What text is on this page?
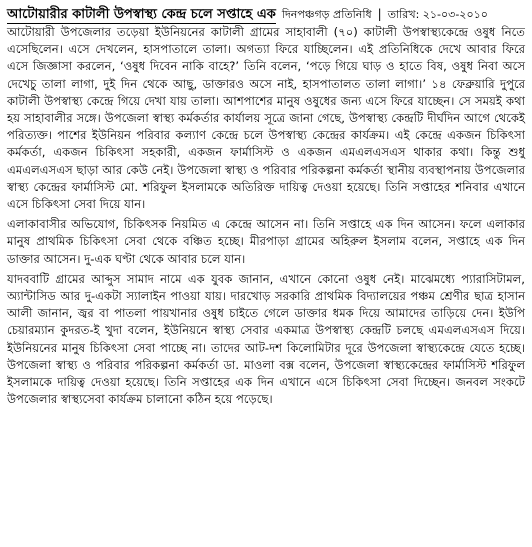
আটোয়ারীর কাটালী উপস্বাস্থ্য কেন্দ্র চলে সপ্তাহে এক দিনপঞ্চগড় প্রতিনিধি | তারিখ: ২১-০৩-২০১০

আটোয়ারী উপজেলার তড়েয়া ইউনিয়নের কাটালী গ্রামের সাহাবালী (৭০) কাটালী উপস্বাস্থ্যকেন্দ্রে ওষুধ নিতে এসেছিলেন। এসে দেখলেন, হাসপাতালে তালা। অগত্যা ফিরে যাচ্ছিলেন। এই প্রতিনিধিকে দেখে আবার ফিরে এসে জিজ্ঞাসা করলেন, ‘ওষুধ দিবেন নাকি বাহে?’ তিনি বলেন, ‘পড়ে গিয়ে ঘাড় ও হাতে বিষ, ওষুধ নিবা অসে দেখেচু তালা লাগা, দুই দিন থেকে আছু, ডাক্তারও অসে নাই, হাসপাতালত তালা লাগা।’ ১৪ ফেব্রুয়ারি দুপুরে কাটালী উপস্বাস্থ্য কেন্দ্রে গিয়ে দেখা যায় তালা। আশপাশের মানুষ ওষুধের জন্য এসে ফিরে যাচ্ছেন। সে সময়ই কথা হয় সাহাবালীর সঙ্গে। উপজেলা স্বাস্থ্য কর্মকর্তার কার্যালয় সূত্রে জানা গেছে, উপস্বাস্থ্য কেন্দ্রটি দীর্ঘদিন আগে থেকেই পরিত্যক্ত। পাশের ইউনিয়ন পরিবার কল্যাণ কেন্দ্রে চলে উপস্বাস্থ্য কেন্দ্রের কার্যক্রম। এই কেন্দ্রে একজন চিকিৎসা কর্মকর্তা, একজন চিকিৎসা সহকারী, একজন ফার্মাসিস্ট ও একজন এমএলএসএস থাকার কথা। কিন্তু শুধু এমএলএসএস ছাড়া আর কেউ নেই। উপজেলা স্বাস্থ্য ও পরিবার পরিকল্পনা কর্মকর্তা স্থানীয় ব্যবস্থাপনায় উপজেলার স্বাস্থ্য কেন্দ্রের ফার্মাসিস্ট মো. শরিফুল ইসলামকে অতিরিক্ত দায়িত্ব দেওয়া হয়েছে। তিনি সপ্তাহের শনিবার এখানে এসে চিকিৎসা সেবা দিয়ে যান।

এলাকাবাসীর অভিযোগ, চিকিৎসক নিয়মিত এ কেন্দ্রে আসেন না। তিনি সপ্তাহে এক দিন আসেন। ফলে এলাকার মানুষ প্রাথমিক চিকিৎসা সেবা থেকে বঞ্চিত হচ্ছে। মীরপাড়া গ্রামের অহিরুল ইসলাম বলেন, সপ্তাহে এক দিন ডাক্তার আসেন। দু-এক ঘণ্টা থেকে আবার চলে যান।

যাদববাটি গ্রামের আব্দুস সামাদ নামে এক যুবক জানান, এখানে কোনো ওষুধ নেই। মাঝেমধ্যে প্যারাসিটামল, অ্যান্টাসিড আর দু-একটা স্যালাইন পাওয়া যায়। দারখোড় সরকারি প্রাথমিক বিদ্যালয়ের পঞ্চম শ্রেণীর ছাত্র হাসান আলী জানান, জ্বর বা পাতলা পায়খানার ওষুধ চাইতে গেলে ডাক্তার ধমক দিয়ে আমাদের তাড়িয়ে দেন। ইউপি চেয়ারম্যান কুদরত-ই খুদা বলেন, ইউনিয়নে স্বাস্থ্য সেবার একমাত্র উপস্বাস্থ্য কেন্দ্রটি চলছে এমএলএসএস দিয়ে। ইউনিয়নের মানুষ চিকিৎসা সেবা পাচ্ছে না। তাদের আট-দশ কিলোমিটার দূরে উপজেলা স্বাস্থ্যকেন্দ্রে যেতে হচ্ছে। উপজেলা স্বাস্থ্য ও পরিবার পরিকল্পনা কর্মকর্তা ডা. মাওলা বক্স বলেন, উপজেলা স্বাস্থ্যকেন্দ্রের ফার্মাসিস্ট শরিফুল ইসলামকে দায়িত্ব দেওয়া হয়েছে। তিনি সপ্তাহের এক দিন এখানে এসে চিকিৎসা সেবা দিচ্ছেন। জনবল সংকটে উপজেলার স্বাস্থ্যসেবা কার্যক্রম চালানো কঠিন হয়ে পড়েছে।
